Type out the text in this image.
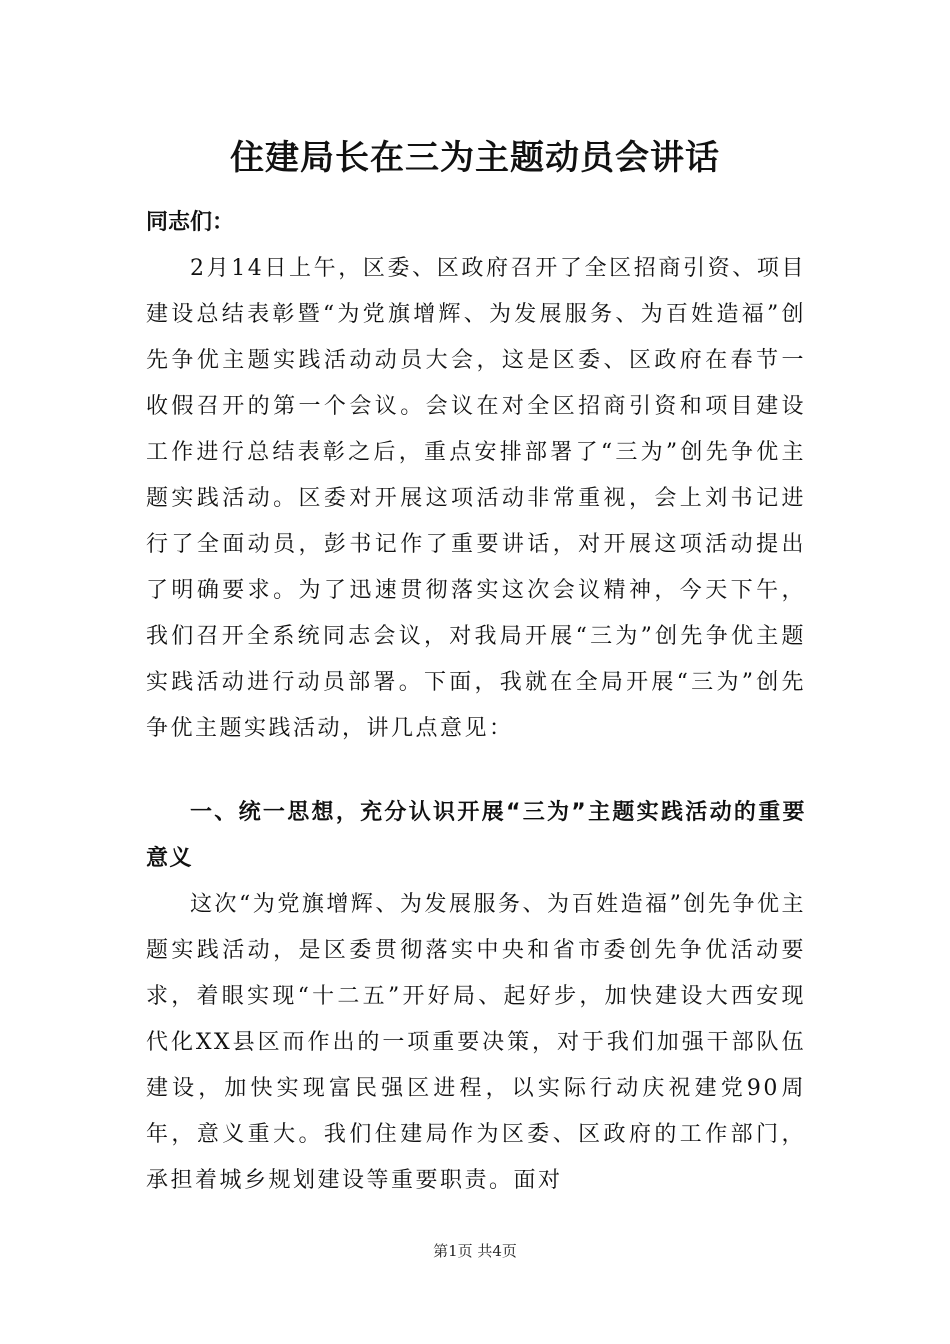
住建局长在三为主题动员会讲话
同志们：

2月14日上午，区委、区政府召开了全区招商引资、项目建设总结表彰暨“为党旗增辉、为发展服务、为百姓造福”创先争优主题实践活动动员大会，这是区委、区政府在春节一收假召开的第一个会议。会议在对全区招商引资和项目建设工作进行总结表彰之后，重点安排部署了“三为”创先争优主题实践活动。区委对开展这项活动非常重视，会上刘书记进行了全面动员，彭书记作了重要讲话，对开展这项活动提出了明确要求。为了迅速贯彻落实这次会议精神，今天下午，我们召开全系统同志会议，对我局开展“三为”创先争优主题实践活动进行动员部署。下面，我就在全局开展“三为”创先争优主题实践活动，讲几点意见：

一、统一思想，充分认识开展“三为”主题实践活动的重要意义

这次“为党旗增辉、为发展服务、为百姓造福”创先争优主题实践活动，是区委贯彻落实中央和省市委创先争优活动要求，着眼实现“十二五”开好局、起好步，加快建设大西安现代化XX县区而作出的一项重要决策，对于我们加强干部队伍建设，加快实现富民强区进程，以实际行动庆祝建党90周年，意义重大。我们住建局作为区委、区政府的工作部门，承担着城乡规划建设等重要职责。面对

第1页 共4页
